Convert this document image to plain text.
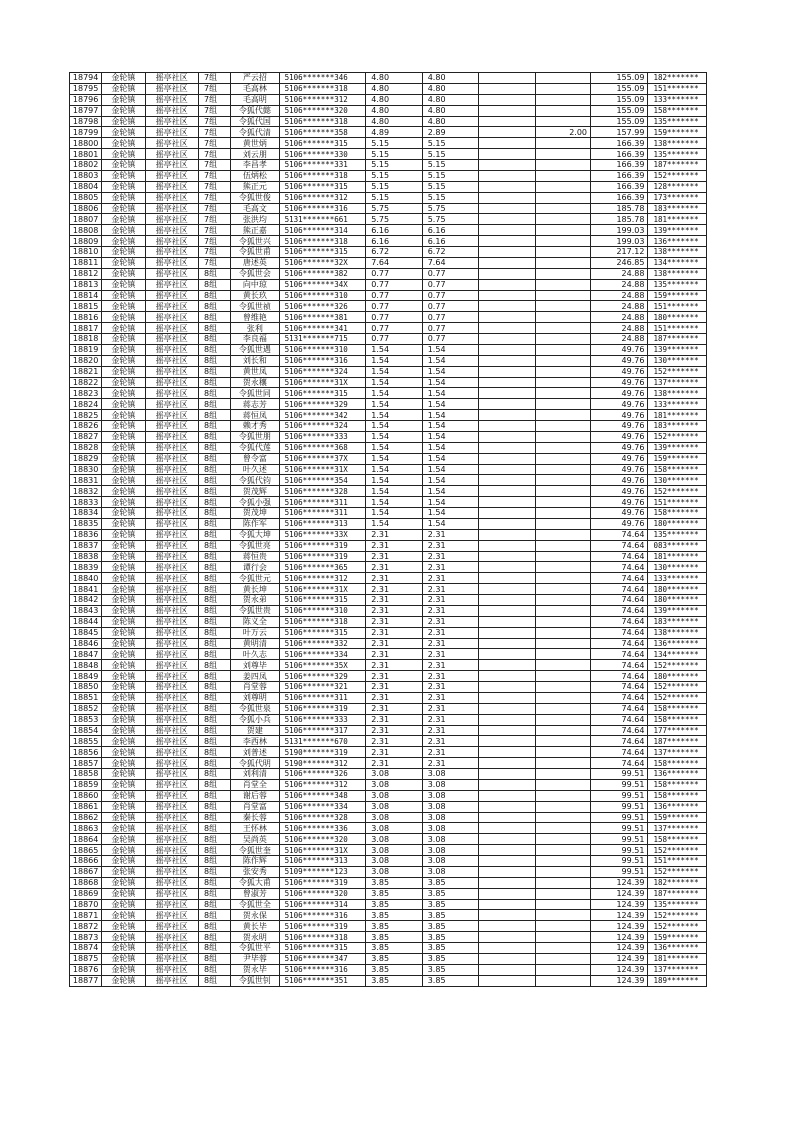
18794	金轮镇	摇亭社区	7组	严云招	5106*******346	4.80	4.80			155.09	182*******
18795	金轮镇	摇亭社区	7组	毛高林	5106*******318	4.80	4.80			155.09	151*******
18796	金轮镇	摇亭社区	7组	毛高明	5106*******312	4.80	4.80			155.09	133*******
18797	金轮镇	摇亭社区	7组	令狐代懿	5106*******320	4.80	4.80			155.09	158*******
18798	金轮镇	摇亭社区	7组	令狐代国	5106*******318	4.80	4.80			155.09	135*******
18799	金轮镇	摇亭社区	7组	令狐代清	5106*******358	4.89	2.89		2.00	157.99	159*******
18800	金轮镇	摇亭社区	7组	黄世炳	5106*******315	5.15	5.15			166.39	138*******
18801	金轮镇	摇亭社区	7组	刘云朋	5106*******330	5.15	5.15			166.39	135*******
18802	金轮镇	摇亭社区	7组	李昌孝	5106*******331	5.15	5.15			166.39	187*******
18803	金轮镇	摇亭社区	7组	伍炳松	5106*******318	5.15	5.15			166.39	152*******
18804	金轮镇	摇亭社区	7组	熊正元	5106*******315	5.15	5.15			166.39	128*******
18805	金轮镇	摇亭社区	7组	令狐世俊	5106*******312	5.15	5.15			166.39	173*******
18806	金轮镇	摇亭社区	7组	毛高文	5106*******316	5.75	5.75			185.78	183*******
18807	金轮镇	摇亭社区	7组	张洪均	5131*******661	5.75	5.75			185.78	181*******
18808	金轮镇	摇亭社区	7组	熊正嘉	5106*******314	6.16	6.16			199.03	139*******
18809	金轮镇	摇亭社区	7组	令狐世兴	5106*******318	6.16	6.16			199.03	136*******
18810	金轮镇	摇亭社区	7组	令狐世甫	5106*******315	6.72	6.72			217.12	138*******
18811	金轮镇	摇亭社区	7组	唐述英	5106*******32X	7.64	7.64			246.85	134*******
18812	金轮镇	摇亭社区	8组	令狐世会	5106*******382	0.77	0.77			24.88	138*******
18813	金轮镇	摇亭社区	8组	向中琼	5106*******34X	0.77	0.77			24.88	135*******
18814	金轮镇	摇亭社区	8组	黄长玖	5106*******310	0.77	0.77			24.88	159*******
18815	金轮镇	摇亭社区	8组	令狐世祯	5106*******326	0.77	0.77			24.88	151*******
18816	金轮镇	摇亭社区	8组	曾维艳	5106*******381	0.77	0.77			24.88	180*******
18817	金轮镇	摇亭社区	8组	张利	5106*******341	0.77	0.77			24.88	151*******
18818	金轮镇	摇亭社区	8组	李良福	5131*******715	0.77	0.77			24.88	187*******
18819	金轮镇	摇亭社区	8组	令狐世遇	5106*******310	1.54	1.54			49.76	139*******
18820	金轮镇	摇亭社区	8组	刘长和	5106*******316	1.54	1.54			49.76	130*******
18821	金轮镇	摇亭社区	8组	黄世凤	5106*******324	1.54	1.54			49.76	152*******
18822	金轮镇	摇亭社区	8组	贺永穰	5106*******31X	1.54	1.54			49.76	137*******
18823	金轮镇	摇亭社区	8组	令狐世同	5106*******315	1.54	1.54			49.76	138*******
18824	金轮镇	摇亭社区	8组	蒋志芳	5106*******329	1.54	1.54			49.76	133*******
18825	金轮镇	摇亭社区	8组	蒋恒凤	5106*******342	1.54	1.54			49.76	181*******
18826	金轮镇	摇亭社区	8组	赖才秀	5106*******324	1.54	1.54			49.76	183*******
18827	金轮镇	摇亭社区	8组	令狐世朋	5106*******333	1.54	1.54			49.76	152*******
18828	金轮镇	摇亭社区	8组	令狐代莲	5106*******368	1.54	1.54			49.76	139*******
18829	金轮镇	摇亭社区	8组	曾令富	5106*******37X	1.54	1.54			49.76	159*******
18830	金轮镇	摇亭社区	8组	叶久述	5106*******31X	1.54	1.54			49.76	158*******
18831	金轮镇	摇亭社区	8组	令狐代钧	5106*******354	1.54	1.54			49.76	130*******
18832	金轮镇	摇亭社区	8组	贺茂辉	5106*******328	1.54	1.54			49.76	152*******
18833	金轮镇	摇亭社区	8组	令狐小强	5106*******311	1.54	1.54			49.76	151*******
18834	金轮镇	摇亭社区	8组	贺茂坤	5106*******311	1.54	1.54			49.76	158*******
18835	金轮镇	摇亭社区	8组	陈作军	5106*******313	1.54	1.54			49.76	180*******
18836	金轮镇	摇亭社区	8组	令狐大坤	5106*******33X	2.31	2.31			74.64	135*******
18837	金轮镇	摇亭社区	8组	令狐世亮	5106*******319	2.31	2.31			74.64	083*******
18838	金轮镇	摇亭社区	8组	蒋恒贵	5106*******319	2.31	2.31			74.64	181*******
18839	金轮镇	摇亭社区	8组	谭行会	5106*******365	2.31	2.31			74.64	130*******
18840	金轮镇	摇亭社区	8组	令狐世元	5106*******312	2.31	2.31			74.64	133*******
18841	金轮镇	摇亭社区	8组	黄长坤	5106*******31X	2.31	2.31			74.64	180*******
18842	金轮镇	摇亭社区	8组	贺永弟	5106*******315	2.31	2.31			74.64	180*******
18843	金轮镇	摇亭社区	8组	令狐世贵	5106*******310	2.31	2.31			74.64	139*******
18844	金轮镇	摇亭社区	8组	陈义全	5106*******318	2.31	2.31			74.64	183*******
18845	金轮镇	摇亭社区	8组	叶万云	5106*******315	2.31	2.31			74.64	138*******
18846	金轮镇	摇亭社区	8组	黄明清	5106*******332	2.31	2.31			74.64	136*******
18847	金轮镇	摇亭社区	8组	叶久志	5106*******334	2.31	2.31			74.64	134*******
18848	金轮镇	摇亭社区	8组	刘尊毕	5106*******35X	2.31	2.31			74.64	152*******
18849	金轮镇	摇亭社区	8组	姜四凤	5106*******329	2.31	2.31			74.64	180*******
18850	金轮镇	摇亭社区	8组	肖堂蓉	5106*******321	2.31	2.31			74.64	152*******
18851	金轮镇	摇亭社区	8组	刘尊明	5106*******311	2.31	2.31			74.64	152*******
18852	金轮镇	摇亭社区	8组	令狐世泉	5106*******319	2.31	2.31			74.64	158*******
18853	金轮镇	摇亭社区	8组	令狐小兵	5106*******333	2.31	2.31			74.64	158*******
18854	金轮镇	摇亭社区	8组	贺建	5106*******317	2.31	2.31			74.64	177*******
18855	金轮镇	摇亭社区	8组	李西林	5131*******670	2.31	2.31			74.64	187*******
18856	金轮镇	摇亭社区	8组	刘普述	5190*******319	2.31	2.31			74.64	137*******
18857	金轮镇	摇亭社区	8组	令狐代明	5190*******312	2.31	2.31			74.64	158*******
18858	金轮镇	摇亭社区	8组	刘利清	5106*******326	3.08	3.08			99.51	136*******
18859	金轮镇	摇亭社区	8组	肖堂全	5106*******312	3.08	3.08			99.51	158*******
18860	金轮镇	摇亭社区	8组	谢后蓉	5106*******348	3.08	3.08			99.51	158*******
18861	金轮镇	摇亭社区	8组	肖堂富	5106*******334	3.08	3.08			99.51	136*******
18862	金轮镇	摇亭社区	8组	秦长蓉	5106*******328	3.08	3.08			99.51	159*******
18863	金轮镇	摇亭社区	8组	王怀林	5106*******336	3.08	3.08			99.51	137*******
18864	金轮镇	摇亭社区	8组	吴尚英	5106*******320	3.08	3.08			99.51	158*******
18865	金轮镇	摇亭社区	8组	令狐世奎	5106*******31X	3.08	3.08			99.51	152*******
18866	金轮镇	摇亭社区	8组	陈作辉	5106*******313	3.08	3.08			99.51	151*******
18867	金轮镇	摇亭社区	8组	张安秀	5109*******123	3.08	3.08			99.51	152*******
18868	金轮镇	摇亭社区	8组	令狐大甫	5106*******319	3.85	3.85			124.39	182*******
18869	金轮镇	摇亭社区	8组	曾淑芳	5106*******320	3.85	3.85			124.39	187*******
18870	金轮镇	摇亭社区	8组	令狐世全	5106*******314	3.85	3.85			124.39	135*******
18871	金轮镇	摇亭社区	8组	贺永保	5106*******316	3.85	3.85			124.39	152*******
18872	金轮镇	摇亭社区	8组	黄长毕	5106*******319	3.85	3.85			124.39	152*******
18873	金轮镇	摇亭社区	8组	贺永明	5106*******318	3.85	3.85			124.39	159*******
18874	金轮镇	摇亭社区	8组	令狐世平	5106*******315	3.85	3.85			124.39	136*******
18875	金轮镇	摇亭社区	8组	尹毕蓉	5106*******347	3.85	3.85			124.39	181*******
18876	金轮镇	摇亭社区	8组	贺永毕	5106*******316	3.85	3.85			124.39	137*******
18877	金轮镇	摇亭社区	8组	令狐世钊	5106*******351	3.85	3.85			124.39	189*******
